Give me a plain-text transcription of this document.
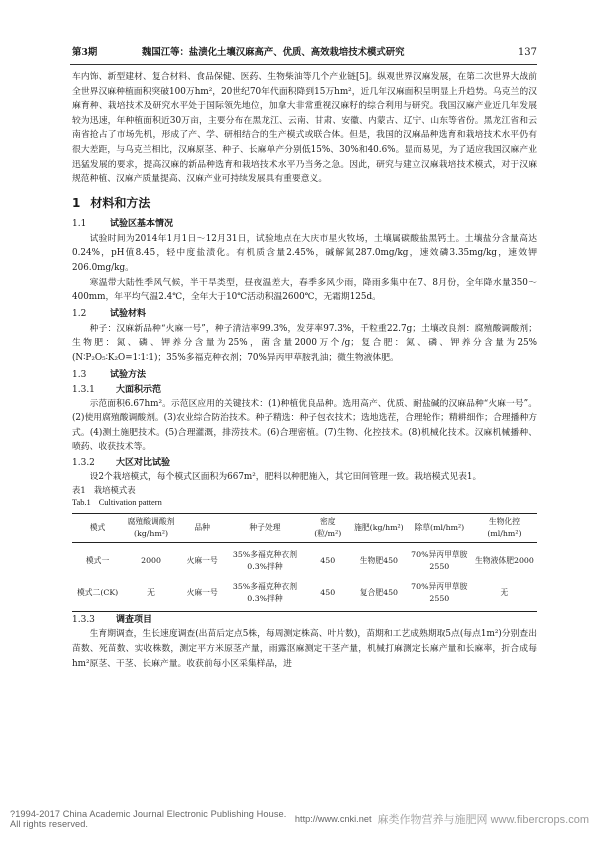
第3期	魏国江等：盐渍化土壤汉麻高产、优质、高效栽培技术模式研究	137

车内饰、新型建材、复合材料、食品保健、医药、生物柴油等几个产业链[5]。纵观世界汉麻发展，在第二次世界大战前全世界汉麻种植面积突破100万hm²，20世纪70年代面积降到15万hm²，近几年汉麻面积呈明显上升趋势。乌克兰的汉麻育种、栽培技术及研究水平处于国际领先地位，加拿大非常重视汉麻籽的综合利用与研究。我国汉麻产业近几年发展较为迅速，年种植面积近30万亩，主要分布在黑龙江、云南、甘肃、安徽、内蒙古、辽宁、山东等省份。黑龙江省和云南省抢占了市场先机，形成了产、学、研相结合的生产模式或联合体。但是，我国的汉麻品种选育和栽培技术水平仍有很大差距，与乌克兰相比，汉麻原茎、种子、长麻单产分别低15%、30%和40.6%。显而易见，为了适应我国汉麻产业迅猛发展的要求，提高汉麻的新品种选育和栽培技术水平乃当务之急。因此，研究与建立汉麻栽培技术模式，对于汉麻规范种植、汉麻产质量提高、汉麻产业可持续发展具有重要意义。

1 材料和方法
1.1	试验区基本情况

试验时间为2014年1月1日～12月31日，试验地点在大庆市星火牧场，土壤属碳酸盐黑钙土。土壤盐分含量高达0.24%，pH值8.45，轻中度盐渍化。有机质含量2.45%，碱解氮287.0mg/kg，速效磷3.35mg/kg，速效钾206.0mg/kg。

寒温带大陆性季风气候，半干旱类型，昼夜温差大，春季多风少雨，降雨多集中在7、8月份，全年降水量350～400mm，年平均气温2.4℃，全年大于10℃活动积温2600℃，无霜期125d。

1.2	试验材料

种子：汉麻新品种“火麻一号”，种子清洁率99.3%，发芽率97.3%，千粒重22.7g；土壤改良剂：腐殖酸调酸剂；生物肥：氮、磷、钾养分含量为25%，菌含量2000万个/g；复合肥：氮、磷、钾养分含量为25%(N∶P₂O₅∶K₂O=1∶1∶1)；35%多福克种衣剂；70%异丙甲草胺乳油；微生物液体肥。

1.3	试验方法
1.3.1 大面积示范

示范面积6.67hm²。示范区应用的关键技术：(1)种植优良品种。选用高产、优质、耐盐碱的汉麻品种“火麻一号”。(2)使用腐殖酸调酸剂。(3)农业综合防治技术。种子精选：种子包衣技术；选地选茬，合理轮作；精耕细作；合理播种方式。(4)测土施肥技术。(5)合理灌溉，排涝技术。(6)合理密植。(7)生物、化控技术。(8)机械化技术。汉麻机械播种、喷药、收获技术等。

1.3.2 大区对比试验

设2个栽培模式，每个模式区面积为667m²，肥料以种肥施入，其它田间管理一致。栽培模式见表1。

表1 栽培模式表
Tab.1 Cultivation pattern
模式	腐殖酸调酸剂(kg/hm²)	品种	种子处理	密度(粒/m²)	施肥(kg/hm²)	除草(ml/hm²)	生物化控(ml/hm²)
模式一	2000	火麻一号	35%多福克种衣剂0.3%拌种	450	生物肥450	70%异丙甲草胺2550	生物液体肥2000
模式二(CK)	无	火麻一号	35%多福克种衣剂0.3%拌种	450	复合肥450	70%异丙甲草胺2550	无
1.3.3 调查项目

生育期调查，生长速度调查(出苗后定点5株，每周测定株高、叶片数)，苗期和工艺成熟期取5点(每点1m²)分别查出苗数、死苗数、实收株数，测定平方米原茎产量，雨露沤麻测定干茎产量，机械打麻测定长麻产量和长麻率，折合成每hm²原茎、干茎、长麻产量。收获前每小区采集样品，进

?1994-2017 China Academic Journal Electronic Publishing House. All rights reserved.	http://www.cnki.net 麻类作物营养与施肥网 www.fibercrops.com
